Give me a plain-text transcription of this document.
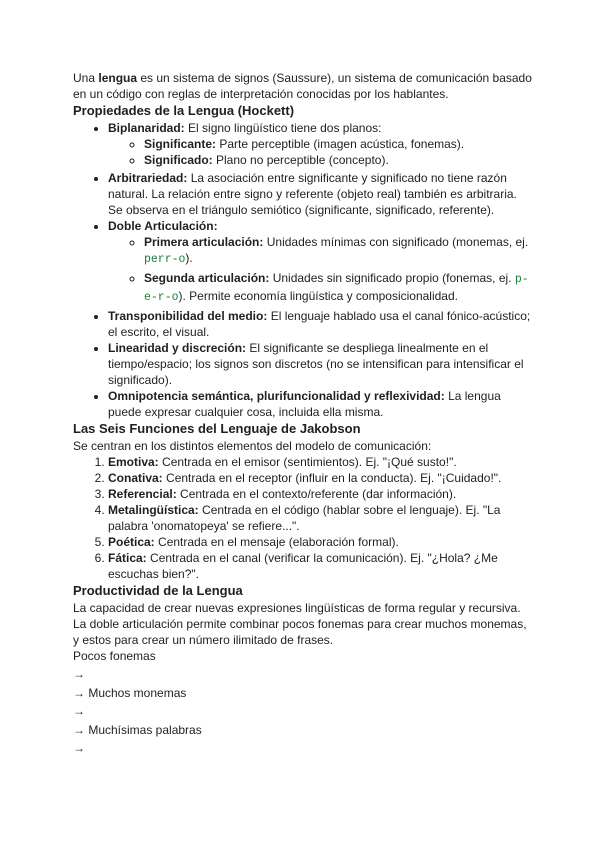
Una lengua es un sistema de signos (Saussure), un sistema de comunicación basado en un código con reglas de interpretación conocidas por los hablantes.

Propiedades de la Lengua (Hockett)
• Biplanaridad: El signo lingüístico tiene dos planos:
◦ Significante: Parte perceptible (imagen acústica, fonemas).
◦ Significado: Plano no perceptible (concepto).
• Arbitrariedad: La asociación entre significante y significado no tiene razón natural. La relación entre signo y referente (objeto real) también es arbitraria. Se observa en el triángulo semiótico (significante, significado, referente).
• Doble Articulación:
◦ Primera articulación: Unidades mínimas con significado (monemas, ej. perr-o).
◦ Segunda articulación: Unidades sin significado propio (fonemas, ej. p-e-r-o). Permite economía lingüística y composicionalidad.
• Transponibilidad del medio: El lenguaje hablado usa el canal fónico-acústico; el escrito, el visual.
• Linearidad y discreción: El significante se despliega linealmente en el tiempo/espacio; los signos son discretos (no se intensifican para intensificar el significado).
• Omnipotencia semántica, plurifuncionalidad y reflexividad: La lengua puede expresar cualquier cosa, incluida ella misma.
Las Seis Funciones del Lenguaje de Jakobson

Se centran en los distintos elementos del modelo de comunicación:

1. Emotiva: Centrada en el emisor (sentimientos). Ej. "¡Qué susto!".
2. Conativa: Centrada en el receptor (influir en la conducta). Ej. "¡Cuidado!".
3. Referencial: Centrada en el contexto/referente (dar información).
4. Metalingüística: Centrada en el código (hablar sobre el lenguaje). Ej. "La palabra 'onomatopeya' se refiere...".
5. Poética: Centrada en el mensaje (elaboración formal).
6. Fática: Centrada en el canal (verificar la comunicación). Ej. "¿Hola? ¿Me escuchas bien?".
Productividad de la Lengua

La capacidad de crear nuevas expresiones lingüísticas de forma regular y recursiva. La doble articulación permite combinar pocos fonemas para crear muchos monemas, y estos para crear un número ilimitado de frases.

Pocos fonemas

→

→ Muchos monemas

→

→ Muchísimas palabras

→
